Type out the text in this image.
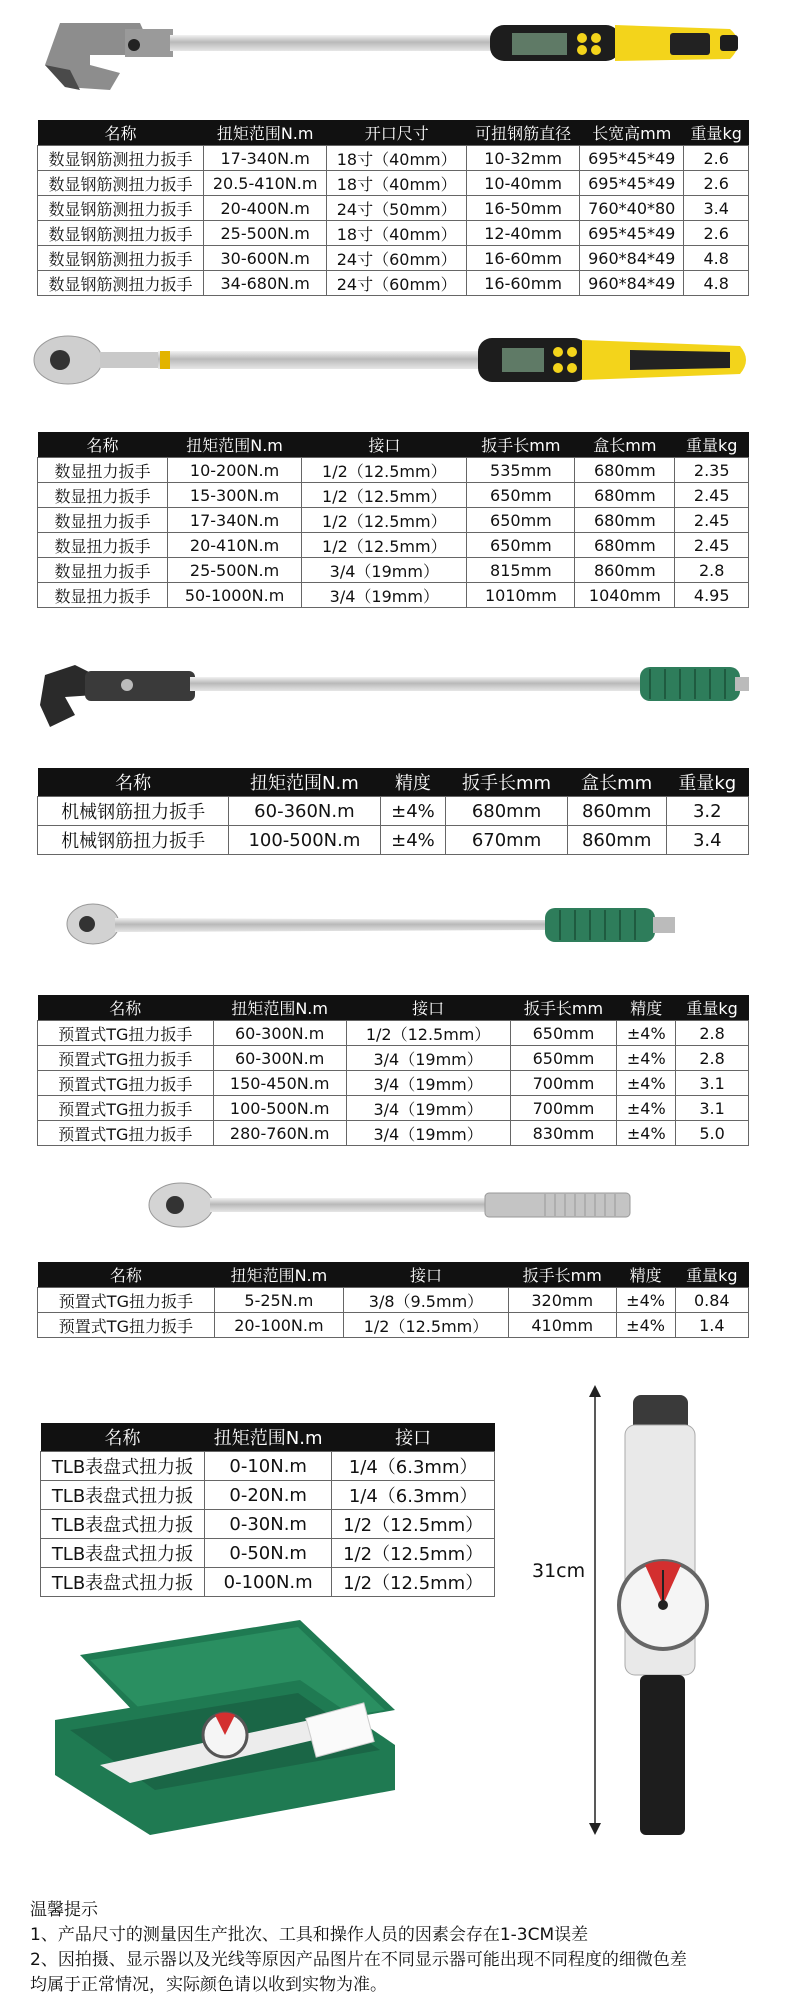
名称	扭矩范围N.m	开口尺寸	可扭钢筋直径	长宽高mm	重量kg
数显钢筋测扭力扳手	17-340N.m	18寸（40mm）	10-32mm	695*45*49	2.6
数显钢筋测扭力扳手	20.5-410N.m	18寸（40mm）	10-40mm	695*45*49	2.6
数显钢筋测扭力扳手	20-400N.m	24寸（50mm）	16-50mm	760*40*80	3.4
数显钢筋测扭力扳手	25-500N.m	18寸（40mm）	12-40mm	695*45*49	2.6
数显钢筋测扭力扳手	30-600N.m	24寸（60mm）	16-60mm	960*84*49	4.8
数显钢筋测扭力扳手	34-680N.m	24寸（60mm）	16-60mm	960*84*49	4.8
名称	扭矩范围N.m	接口	扳手长mm	盒长mm	重量kg
数显扭力扳手	10-200N.m	1/2（12.5mm）	535mm	680mm	2.35
数显扭力扳手	15-300N.m	1/2（12.5mm）	650mm	680mm	2.45
数显扭力扳手	17-340N.m	1/2（12.5mm）	650mm	680mm	2.45
数显扭力扳手	20-410N.m	1/2（12.5mm）	650mm	680mm	2.45
数显扭力扳手	25-500N.m	3/4（19mm）	815mm	860mm	2.8
数显扭力扳手	50-1000N.m	3/4（19mm）	1010mm	1040mm	4.95
名称	扭矩范围N.m	精度	扳手长mm	盒长mm	重量kg
机械钢筋扭力扳手	60-360N.m	±4%	680mm	860mm	3.2
机械钢筋扭力扳手	100-500N.m	±4%	670mm	860mm	3.4
名称	扭矩范围N.m	接口	扳手长mm	精度	重量kg
预置式TG扭力扳手	60-300N.m	1/2（12.5mm）	650mm	±4%	2.8
预置式TG扭力扳手	60-300N.m	3/4（19mm）	650mm	±4%	2.8
预置式TG扭力扳手	150-450N.m	3/4（19mm）	700mm	±4%	3.1
预置式TG扭力扳手	100-500N.m	3/4（19mm）	700mm	±4%	3.1
预置式TG扭力扳手	280-760N.m	3/4（19mm）	830mm	±4%	5.0
名称	扭矩范围N.m	接口	扳手长mm	精度	重量kg
预置式TG扭力扳手	5-25N.m	3/8（9.5mm）	320mm	±4%	0.84
预置式TG扭力扳手	20-100N.m	1/2（12.5mm）	410mm	±4%	1.4
名称	扭矩范围N.m	接口
TLB表盘式扭力扳	0-10N.m	1/4（6.3mm）
TLB表盘式扭力扳	0-20N.m	1/4（6.3mm）
TLB表盘式扭力扳	0-30N.m	1/2（12.5mm）
TLB表盘式扭力扳	0-50N.m	1/2（12.5mm）
TLB表盘式扭力扳	0-100N.m	1/2（12.5mm）
31cm
温馨提示
1、产品尺寸的测量因生产批次、工具和操作人员的因素会存在1-3CM误差
2、因拍摄、显示器以及光线等原因产品图片在不同显示器可能出现不同程度的细微色差
均属于正常情况，实际颜色请以收到实物为准。
